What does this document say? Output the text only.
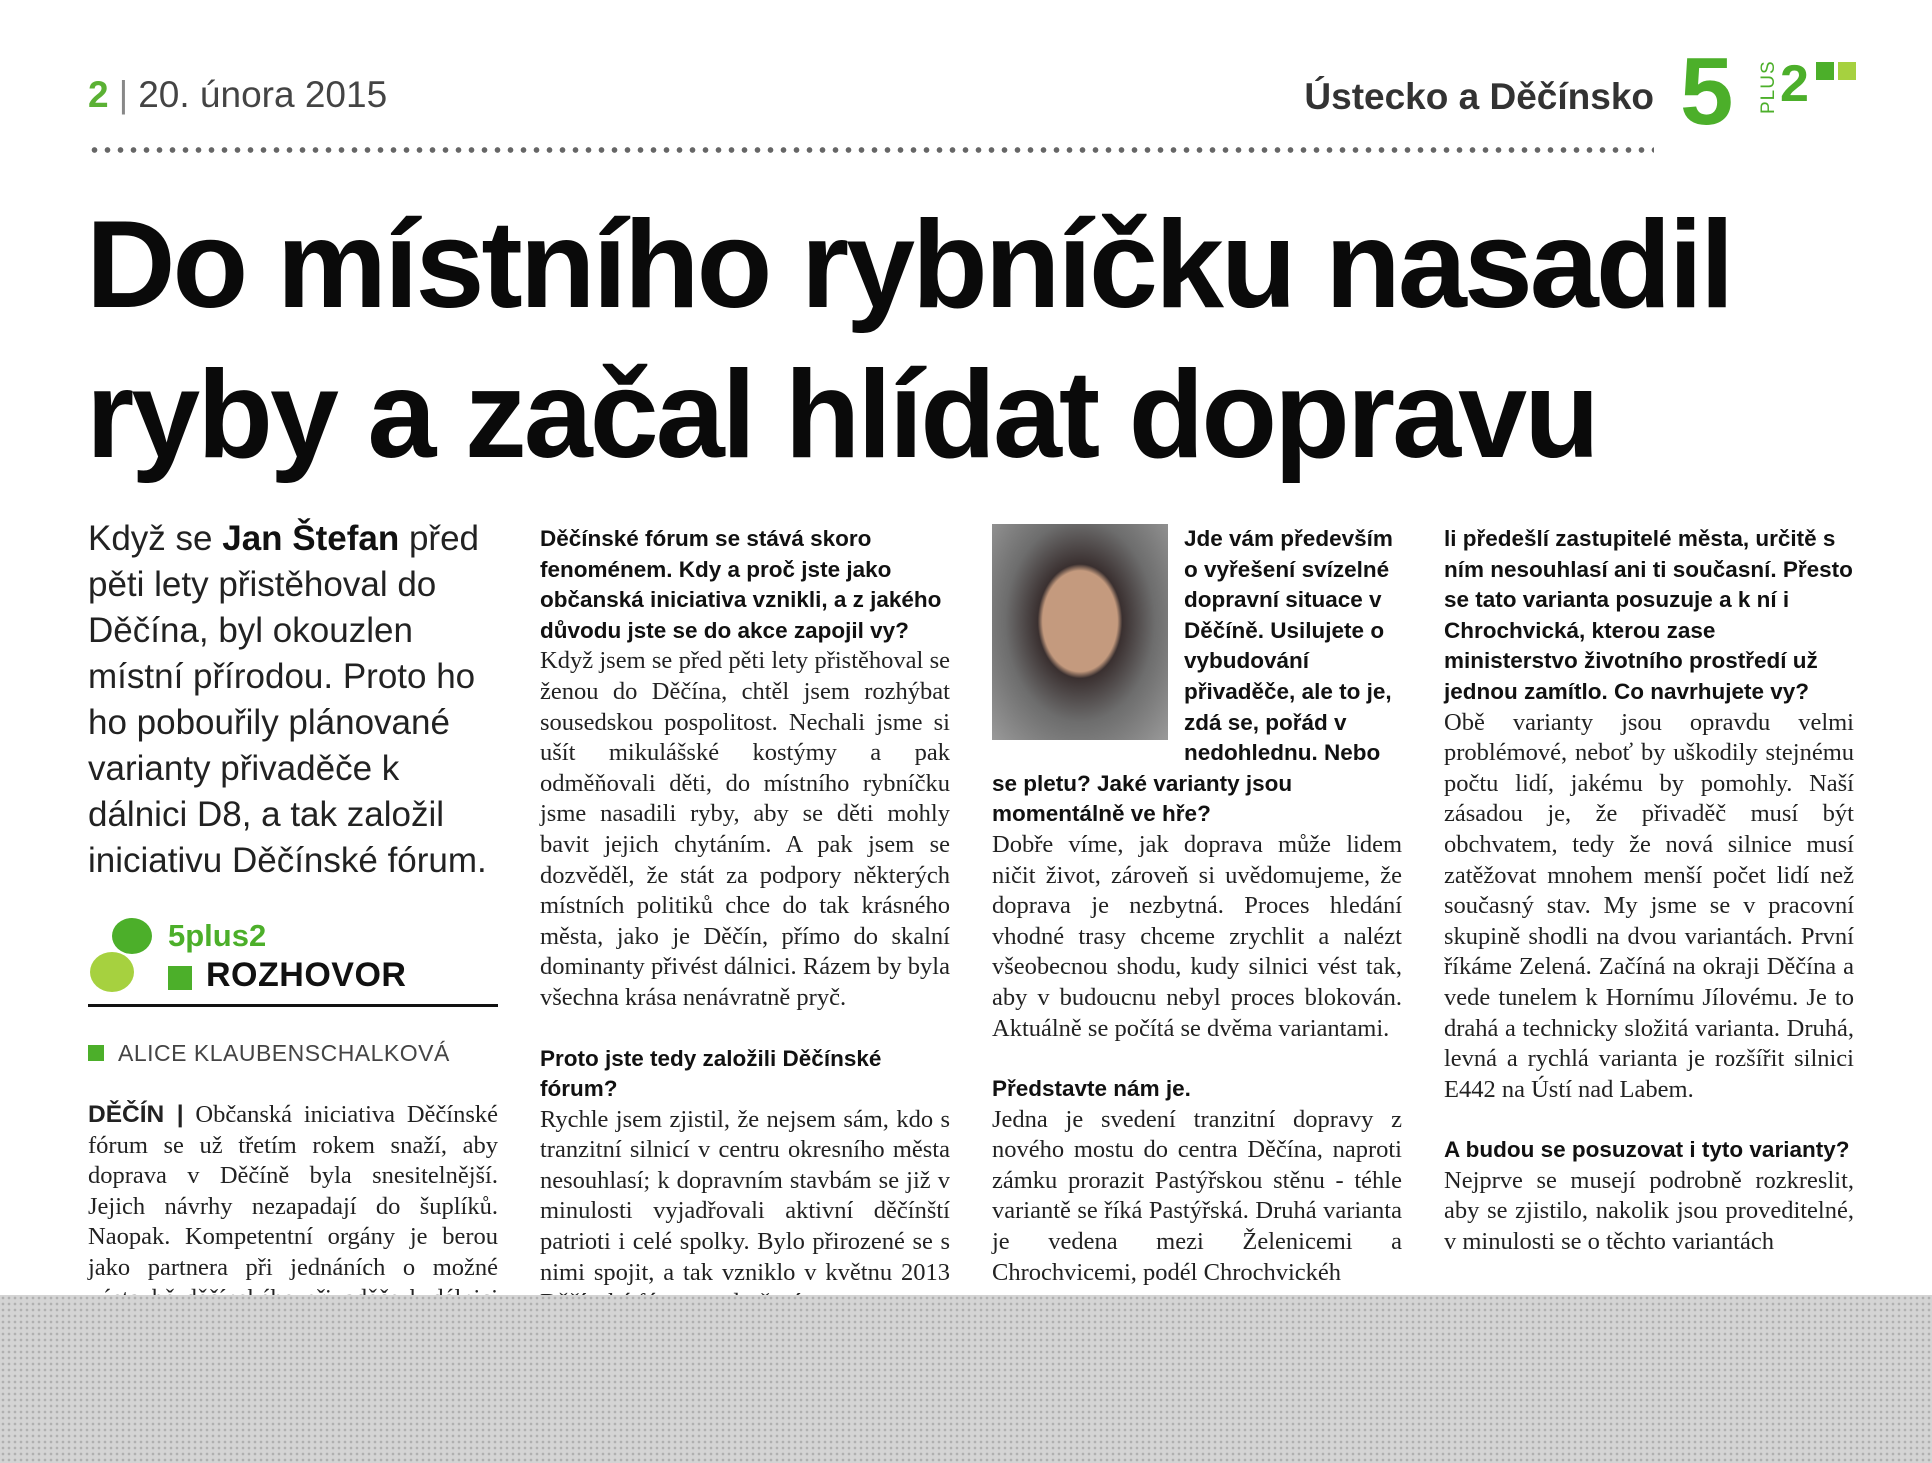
2 | 20. února 2015	Ústecko a Děčínsko 5 PLUS 2
Do místního rybníčku nasadil ryby a začal hlídat dopravu
Když se Jan Štefan před pěti lety přistěhoval do Děčína, byl okouzlen místní přírodou. Proto ho ho pobouřily plánované varianty přivaděče k dálnici D8, a tak založil iniciativu Děčínské fórum.
5plus2
ROZHOVOR
ALICE KLAUBENSCHALKOVÁ

DĚČÍN | Občanská iniciativa Děčínské fórum se už třetím rokem snaží, aby doprava v Děčíně byla snesitelnější. Jejich návrhy nezapadají do šuplíků. Naopak. Kompetentní orgány je berou jako partnera při jednáních o možné

Děčínské fórum se stává skoro fenoménem. Kdy a proč jste jako občanská iniciativa vznikli, a z jakého důvodu jste se do akce zapojil vy?

Když jsem se před pěti lety přistěhoval se ženou do Děčína, chtěl jsem rozhýbat sousedskou pospolitost. Nechali jsme si ušít mikulášské kostýmy a pak odměňovali děti, do místního rybníčku jsme nasadili ryby, aby se děti mohly bavit jejich chytáním. A pak jsem se dozvěděl, že stát za podpory některých místních politiků chce do tak krásného města, jako je Děčín, přímo do skalní dominanty přivést dálnici. Rázem by byla všechna krása nenávratně pryč.

Proto jste tedy založili Děčínské fórum?

Rychle jsem zjistil, že nejsem sám, kdo s tranzitní silnicí v centru okresního města nesouhlasí; k dopravním stavbám se již v minulosti vyjadřovali aktivní děčínští patrioti i celé spolky. Bylo přirozené se s nimi spojit, a tak vzniklo v květnu 2013

Jde vám především o vyřešení svízelné dopravní situace v Děčíně. Usilujete o vybudování přivaděče, ale to je, zdá se, pořád v nedohlednu. Nebo se pletu? Jaké varianty jsou momentálně ve hře?

Dobře víme, jak doprava může lidem ničit život, zároveň si uvědomujeme, že doprava je nezbytná. Proces hledání vhodné trasy chceme zrychlit a nalézt všeobecnou shodu, kudy silnici vést tak, aby v budoucnu nebyl proces blokován. Aktuálně se počítá se dvěma variantami.

Představte nám je.

Jedna je svedení tranzitní dopravy z nového mostu do centra Děčína, naproti zámku prorazit Pastýřskou stěnu - téhle variantě se říká Pastýřská. Druhá varianta je vedena mezi Želenicemi a Chrochvicemi, podél Chrochvickéh

li předešlí zastupitelé města, určitě s ním nesouhlasí ani ti současní. Přesto se tato varianta posuzuje a k ní i Chrochvická, kterou zase ministerstvo životního prostředí už jednou zamítlo. Co navrhujete vy?

Obě varianty jsou opravdu velmi problémové, neboť by uškodily stejnému počtu lidí, jakému by pomohly. Naší zásadou je, že přivaděč musí být obchvatem, tedy že nová silnice musí zatěžovat mnohem menší počet lidí než současný stav. My jsme se v pracovní skupině shodli na dvou variantách. První říkáme Zelená. Začíná na okraji Děčína a vede tunelem k Hornímu Jílovému. Je to drahá a technicky složitá varianta. Druhá, levná a rychlá varianta je rozšířit silnici E442 na Ústí nad Labem.

A budou se posuzovat i tyto varianty?

Nejprve se musejí podrobně rozkreslit, aby se zjistilo, nakolik jsou proveditelné, v minulosti se o těchto variantách
